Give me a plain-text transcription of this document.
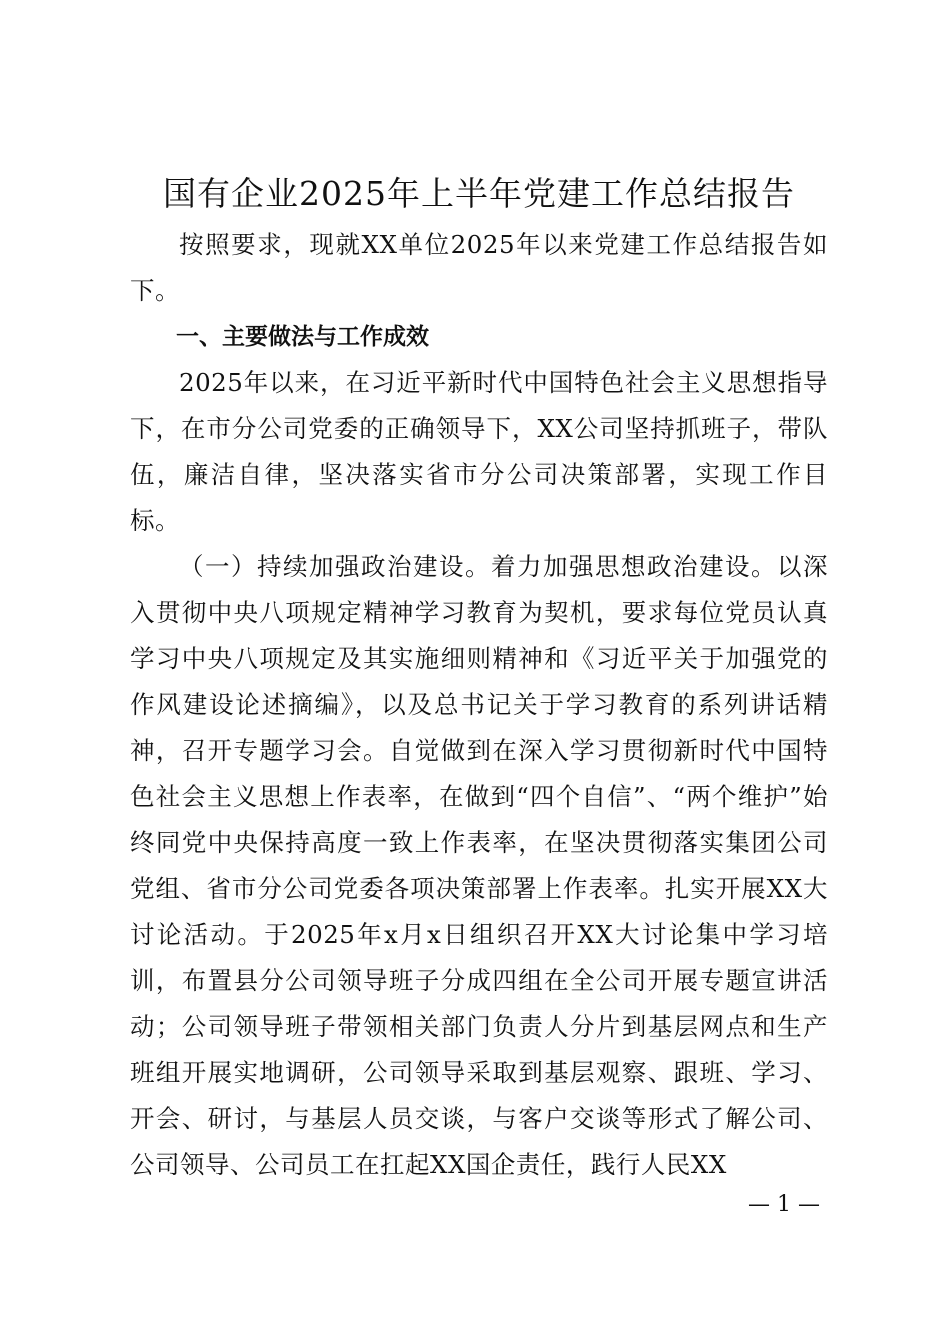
国有企业2025年上半年党建工作总结报告

按照要求，现就XX单位2025年以来党建工作总结报告如下。

一、主要做法与工作成效

2025年以来，在习近平新时代中国特色社会主义思想指导下，在市分公司党委的正确领导下，XX公司坚持抓班子，带队伍，廉洁自律，坚决落实省市分公司决策部署，实现工作目标。

（一）持续加强政治建设。着力加强思想政治建设。以深入贯彻中央八项规定精神学习教育为契机，要求每位党员认真学习中央八项规定及其实施细则精神和《习近平关于加强党的作风建设论述摘编》，以及总书记关于学习教育的系列讲话精神，召开专题学习会。自觉做到在深入学习贯彻新时代中国特色社会主义思想上作表率，在做到“四个自信”、“两个维护”始终同党中央保持高度一致上作表率，在坚决贯彻落实集团公司党组、省市分公司党委各项决策部署上作表率。扎实开展XX大讨论活动。于2025年x月x日组织召开XX大讨论集中学习培训，布置县分公司领导班子分成四组在全公司开展专题宣讲活动；公司领导班子带领相关部门负责人分片到基层网点和生产班组开展实地调研，公司领导采取到基层观察、跟班、学习、开会、研讨，与基层人员交谈，与客户交谈等形式了解公司、公司领导、公司员工在扛起XX国企责任，践行人民XX

— 1 —
